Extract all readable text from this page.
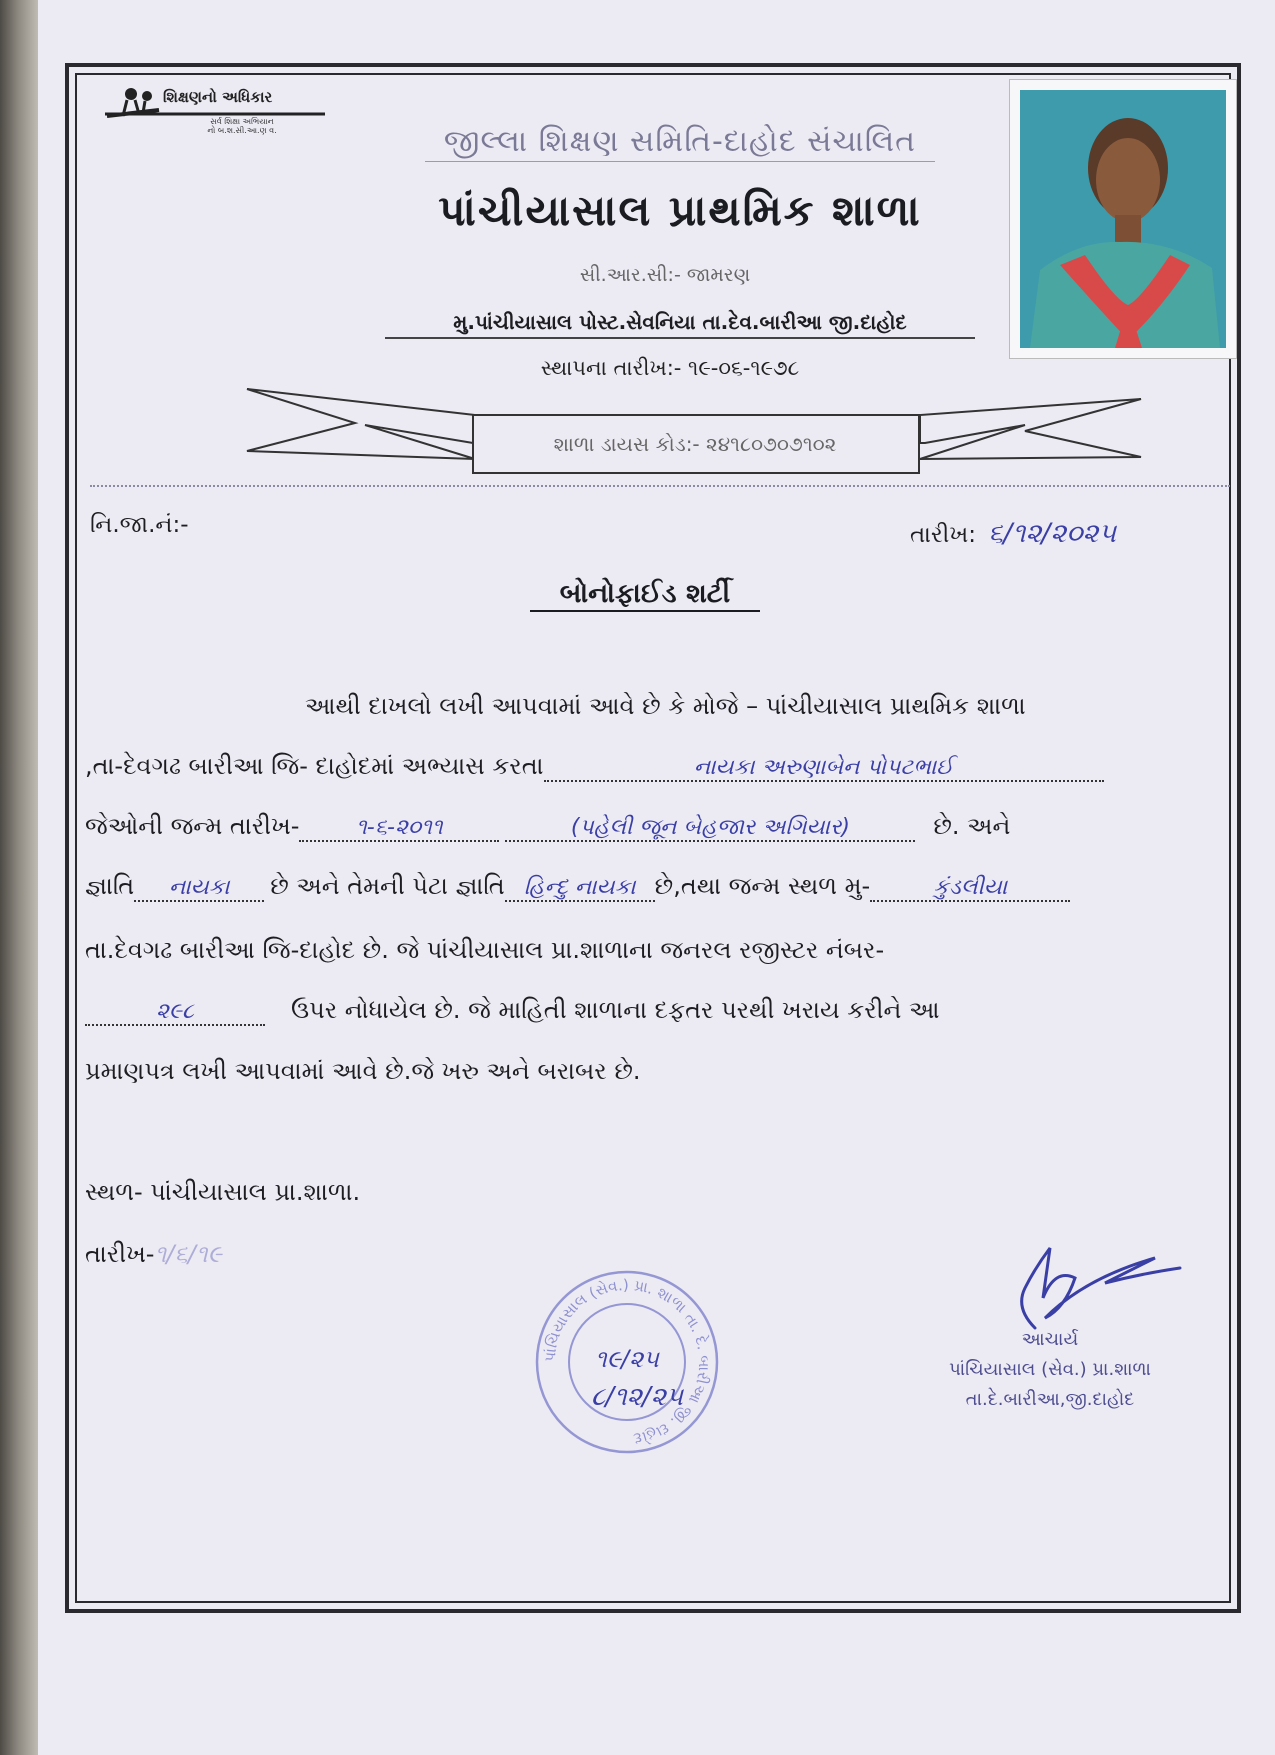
શિક્ષણનો અધિકાર
સર્વ શિક્ષા અભિયાન
નો બ.શ.સી.આ.ણ વ.	જીલ્લા શિક્ષણ સમિતિ-દાહોદ સંચાલિત
પાંચીયાસાલ પ્રાથમિક શાળા
સી.આર.સી:- જામરણ
મુ.પાંચીયાસાલ પોસ્ટ.સેવનિયા તા.દેવ.બારીઆ જી.દાહોદ
સ્થાપના તારીખ:- ૧૯-૦૬-૧૯૭૮
શાળા ડાયસ કોડ:- ૨૪૧૮૦૭૦૭૧૦૨
નિ.જા.નં:-	તારીખ: ૬/૧૨/૨૦૨૫
બોનોફાઈડ શર્ટી
આથી દાખલો લખી આપવામાં આવે છે કે મોજે – પાંચીયાસાલ પ્રાથમિક શાળા
,તા-દેવગઢ બારીઆ જિ- દાહોદમાં અભ્યાસ કરતા	નાયકા અરુણાબેન પોપટભાઈ
જેઓની જન્મ તારીખ-	૧-૬-૨૦૧૧	(પહેલી જૂન બેહજાર અગિયાર)	છે. અને
જ્ઞાતિ નાયકા છે અને તેમની પેટા જ્ઞાતિ હિન્દુ નાયકા છે,તથા જન્મ સ્થળ મુ-	કુંડલીયા
તા.દેવગઢ બારીઆ જિ-દાહોદ છે. જે પાંચીયાસાલ પ્રા.શાળાના જનરલ રજીસ્ટર નંબર-
૨૯૮	ઉપર નોધાયેલ છે. જે માહિતી શાળાના દફતર પરથી ખરાય કરીને આ
પ્રમાણપત્ર લખી આપવામાં આવે છે.જે ખરુ અને બરાબર છે.
સ્થળ- પાંચીયાસાલ પ્રા.શાળા.
તારીખ-૧/૬/૧૯
પાંચિયાસાલ (સેવ.) પ્રા. શાળા તા. દે. બારીઆ જી. દાહોદ
૧૯/૨૫
૮/૧૨/૨૫
આચાર્ય
પાંચિયાસાલ (સેવ.) પ્રા.શાળા
તા.દે.બારીઆ,જી.દાહોદ
